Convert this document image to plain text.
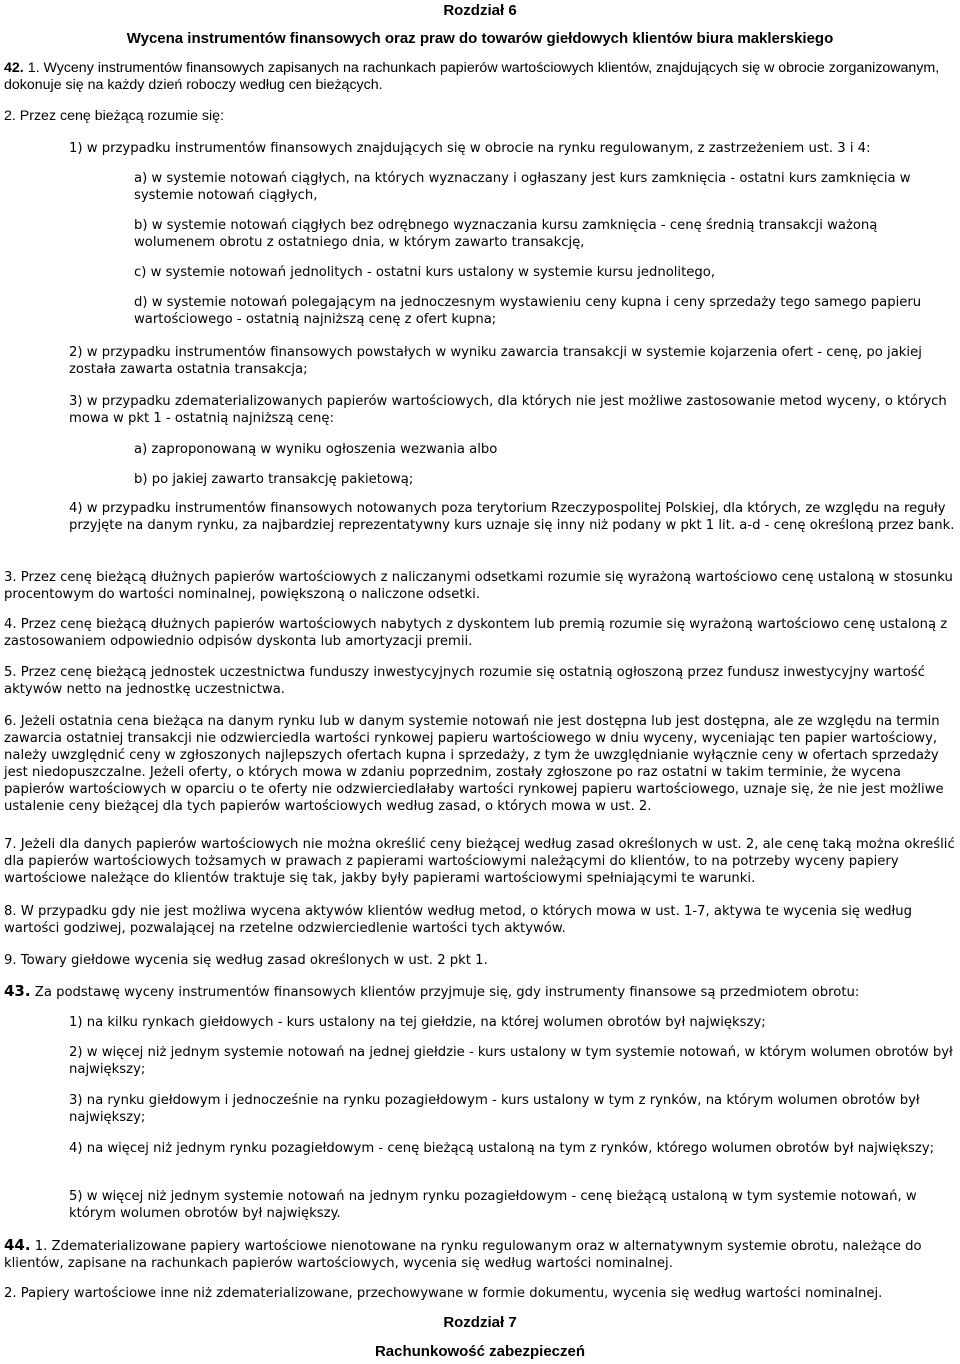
Rozdział 6
Wycena instrumentów finansowych oraz praw do towarów giełdowych klientów biura maklerskiego

42. 1. Wyceny instrumentów finansowych zapisanych na rachunkach papierów wartościowych klientów, znajdujących się w obrocie zorganizowanym, dokonuje się na każdy dzień roboczy według cen bieżących.

2. Przez cenę bieżącą rozumie się:

1) w przypadku instrumentów finansowych znajdujących się w obrocie na rynku regulowanym, z zastrzeżeniem ust. 3 i 4:

a) w systemie notowań ciągłych, na których wyznaczany i ogłaszany jest kurs zamknięcia - ostatni kurs zamknięcia w systemie notowań ciągłych,

b) w systemie notowań ciągłych bez odrębnego wyznaczania kursu zamknięcia - cenę średnią transakcji ważoną wolumenem obrotu z ostatniego dnia, w którym zawarto transakcję,

c) w systemie notowań jednolitych - ostatni kurs ustalony w systemie kursu jednolitego,

d) w systemie notowań polegającym na jednoczesnym wystawieniu ceny kupna i ceny sprzedaży tego samego papieru wartościowego - ostatnią najniższą cenę z ofert kupna;

2) w przypadku instrumentów finansowych powstałych w wyniku zawarcia transakcji w systemie kojarzenia ofert - cenę, po jakiej została zawarta ostatnia transakcja;

3) w przypadku zdematerializowanych papierów wartościowych, dla których nie jest możliwe zastosowanie metod wyceny, o których mowa w pkt 1 - ostatnią najniższą cenę:

a) zaproponowaną w wyniku ogłoszenia wezwania albo

b) po jakiej zawarto transakcję pakietową;

4) w przypadku instrumentów finansowych notowanych poza terytorium Rzeczypospolitej Polskiej, dla których, ze względu na reguły przyjęte na danym rynku, za najbardziej reprezentatywny kurs uznaje się inny niż podany w pkt 1 lit. a-d - cenę określoną przez bank.

3. Przez cenę bieżącą dłużnych papierów wartościowych z naliczanymi odsetkami rozumie się wyrażoną wartościowo cenę ustaloną w stosunku procentowym do wartości nominalnej, powiększoną o naliczone odsetki.

4. Przez cenę bieżącą dłużnych papierów wartościowych nabytych z dyskontem lub premią rozumie się wyrażoną wartościowo cenę ustaloną z zastosowaniem odpowiednio odpisów dyskonta lub amortyzacji premii.

5. Przez cenę bieżącą jednostek uczestnictwa funduszy inwestycyjnych rozumie się ostatnią ogłoszoną przez fundusz inwestycyjny wartość aktywów netto na jednostkę uczestnictwa.

6. Jeżeli ostatnia cena bieżąca na danym rynku lub w danym systemie notowań nie jest dostępna lub jest dostępna, ale ze względu na termin zawarcia ostatniej transakcji nie odzwierciedla wartości rynkowej papieru wartościowego w dniu wyceny, wyceniając ten papier wartościowy, należy uwzględnić ceny w zgłoszonych najlepszych ofertach kupna i sprzedaży, z tym że uwzględnianie wyłącznie ceny w ofertach sprzedaży jest niedopuszczalne. Jeżeli oferty, o których mowa w zdaniu poprzednim, zostały zgłoszone po raz ostatni w takim terminie, że wycena papierów wartościowych w oparciu o te oferty nie odzwierciedlałaby wartości rynkowej papieru wartościowego, uznaje się, że nie jest możliwe ustalenie ceny bieżącej dla tych papierów wartościowych według zasad, o których mowa w ust. 2.

7. Jeżeli dla danych papierów wartościowych nie można określić ceny bieżącej według zasad określonych w ust. 2, ale cenę taką można określić dla papierów wartościowych tożsamych w prawach z papierami wartościowymi należącymi do klientów, to na potrzeby wyceny papiery wartościowe należące do klientów traktuje się tak, jakby były papierami wartościowymi spełniającymi te warunki.

8. W przypadku gdy nie jest możliwa wycena aktywów klientów według metod, o których mowa w ust. 1-7, aktywa te wycenia się według wartości godziwej, pozwalającej na rzetelne odzwierciedlenie wartości tych aktywów.

9. Towary giełdowe wycenia się według zasad określonych w ust. 2 pkt 1.

43. Za podstawę wyceny instrumentów finansowych klientów przyjmuje się, gdy instrumenty finansowe są przedmiotem obrotu:

1) na kilku rynkach giełdowych - kurs ustalony na tej giełdzie, na której wolumen obrotów był największy;

2) w więcej niż jednym systemie notowań na jednej giełdzie - kurs ustalony w tym systemie notowań, w którym wolumen obrotów był największy;

3) na rynku giełdowym i jednocześnie na rynku pozagiełdowym - kurs ustalony w tym z rynków, na którym wolumen obrotów był największy;

4) na więcej niż jednym rynku pozagiełdowym - cenę bieżącą ustaloną na tym z rynków, którego wolumen obrotów był największy;

5) w więcej niż jednym systemie notowań na jednym rynku pozagiełdowym - cenę bieżącą ustaloną w tym systemie notowań, w którym wolumen obrotów był największy.

44. 1. Zdematerializowane papiery wartościowe nienotowane na rynku regulowanym oraz w alternatywnym systemie obrotu, należące do klientów, zapisane na rachunkach papierów wartościowych, wycenia się według wartości nominalnej.

2. Papiery wartościowe inne niż zdematerializowane, przechowywane w formie dokumentu, wycenia się według wartości nominalnej.

Rozdział 7
Rachunkowość zabezpieczeń
